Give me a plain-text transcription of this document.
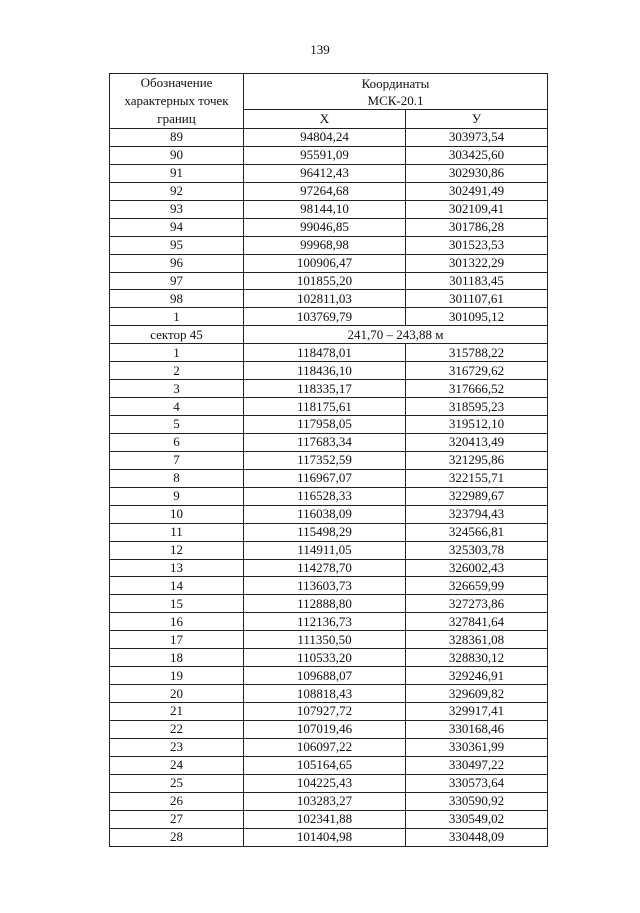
139
Обозначение характерных точек границ	Координаты
МСК-20.1	

	Х	У
89	94804,24	303973,54
90	95591,09	303425,60
91	96412,43	302930,86
92	97264,68	302491,49
93	98144,10	302109,41
94	99046,85	301786,28
95	99968,98	301523,53
96	100906,47	301322,29
97	101855,20	301183,45
98	102811,03	301107,61
1	103769,79	301095,12
сектор 45	241,70 – 243,88 м	
1	118478,01	315788,22
2	118436,10	316729,62
3	118335,17	317666,52
4	118175,61	318595,23
5	117958,05	319512,10
6	117683,34	320413,49
7	117352,59	321295,86
8	116967,07	322155,71
9	116528,33	322989,67
10	116038,09	323794,43
11	115498,29	324566,81
12	114911,05	325303,78
13	114278,70	326002,43
14	113603,73	326659,99
15	112888,80	327273,86
16	112136,73	327841,64
17	111350,50	328361,08
18	110533,20	328830,12
19	109688,07	329246,91
20	108818,43	329609,82
21	107927,72	329917,41
22	107019,46	330168,46
23	106097,22	330361,99
24	105164,65	330497,22
25	104225,43	330573,64
26	103283,27	330590,92
27	102341,88	330549,02
28	101404,98	330448,09
